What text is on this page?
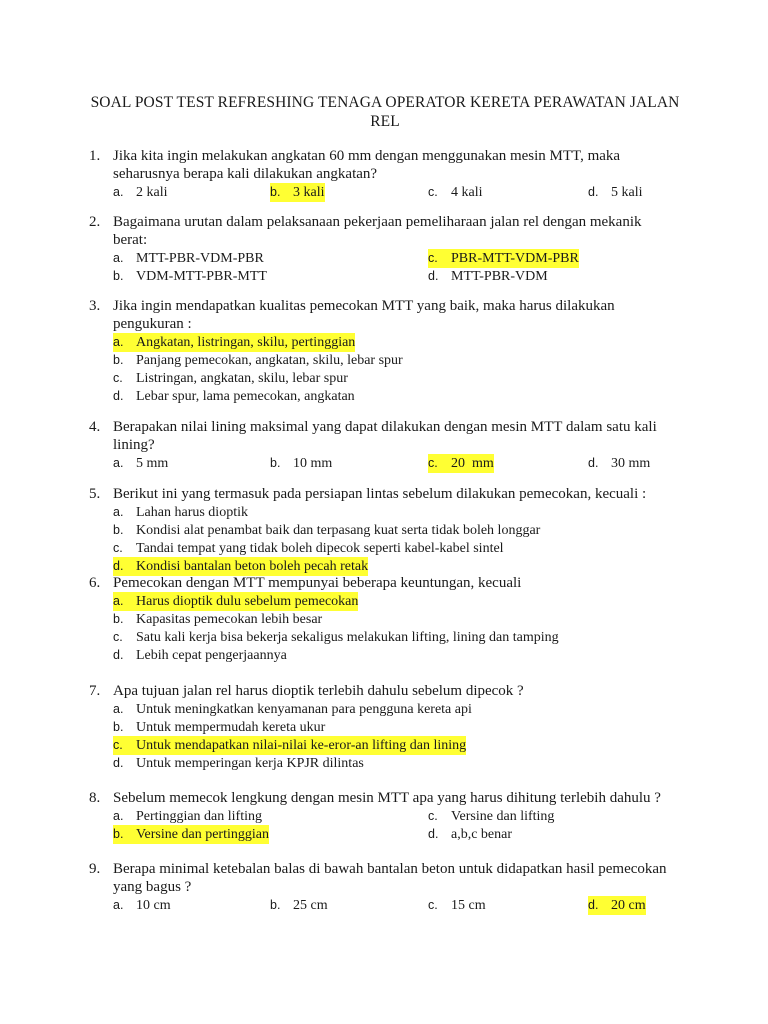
SOAL POST TEST REFRESHING TENAGA OPERATOR KERETA PERAWATAN JALAN REL
1. Jika kita ingin melakukan angkatan 60 mm dengan menggunakan mesin MTT, maka
seharusnya berapa kali dilakukan angkatan?
a. 2 kali	b. 3 kali	c. 4 kali	d. 5 kali
2. Bagaimana urutan dalam pelaksanaan pekerjaan pemeliharaan jalan rel dengan mekanik
berat:
a. MTT-PBR-VDM-PBR	c. PBR-MTT-VDM-PBR
b. VDM-MTT-PBR-MTT	d. MTT-PBR-VDM
3. Jika ingin mendapatkan kualitas pemecokan MTT yang baik, maka harus dilakukan
pengukuran :
a. Angkatan, listringan, skilu, pertinggian
b. Panjang pemecokan, angkatan, skilu, lebar spur
c. Listringan, angkatan, skilu, lebar spur
d. Lebar spur, lama pemecokan, angkatan
4. Berapakan nilai lining maksimal yang dapat dilakukan dengan mesin MTT dalam satu kali
lining?
a. 5 mm	b. 10 mm	c. 20  mm	d. 30 mm
5. Berikut ini yang termasuk pada persiapan lintas sebelum dilakukan pemecokan, kecuali :
a. Lahan harus dioptik
b. Kondisi alat penambat baik dan terpasang kuat serta tidak boleh longgar
c. Tandai tempat yang tidak boleh dipecok seperti kabel-kabel sintel
d. Kondisi bantalan beton boleh pecah retak
6. Pemecokan dengan MTT mempunyai beberapa keuntungan, kecuali
a. Harus dioptik dulu sebelum pemecokan
b. Kapasitas pemecokan lebih besar
c. Satu kali kerja bisa bekerja sekaligus melakukan lifting, lining dan tamping
d. Lebih cepat pengerjaannya
7. Apa tujuan jalan rel harus dioptik terlebih dahulu sebelum dipecok ?
a. Untuk meningkatkan kenyamanan para pengguna kereta api
b. Untuk mempermudah kereta ukur
c. Untuk mendapatkan nilai-nilai ke-eror-an lifting dan lining
d. Untuk memperingan kerja KPJR dilintas
8. Sebelum memecok lengkung dengan mesin MTT apa yang harus dihitung terlebih dahulu ?
a. Pertinggian dan lifting	c. Versine dan lifting
b. Versine dan pertinggian	d. a,b,c benar
9. Berapa minimal ketebalan balas di bawah bantalan beton untuk didapatkan hasil pemecokan
yang bagus ?
a. 10 cm	b. 25 cm	c. 15 cm	d. 20 cm
